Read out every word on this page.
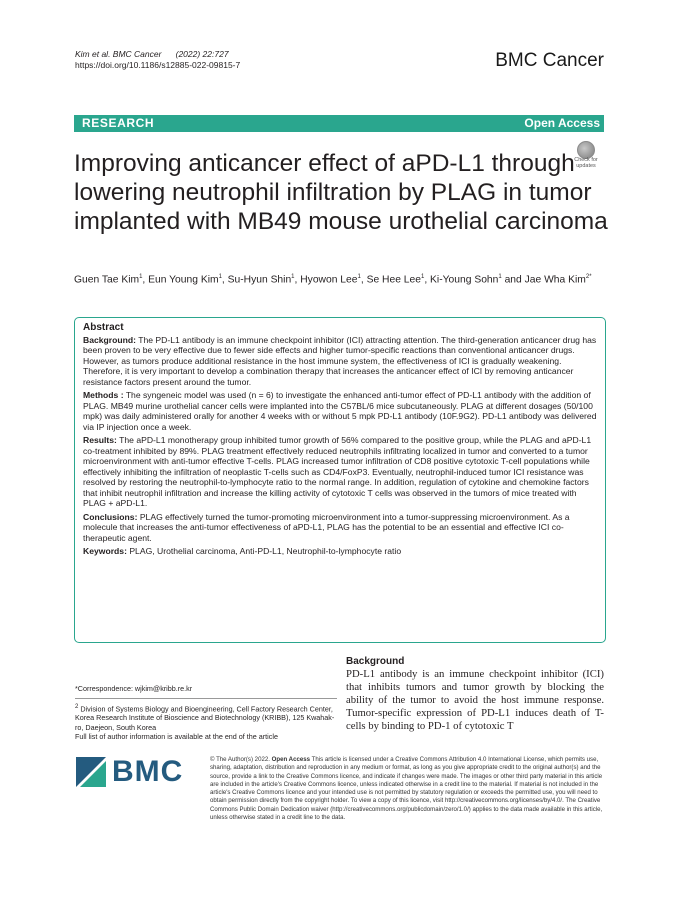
Kim et al. BMC Cancer (2022) 22:727
https://doi.org/10.1186/s12885-022-09815-7	BMC Cancer
RESEARCH	Open Access
Improving anticancer effect of aPD-L1 through lowering neutrophil infiltration by PLAG in tumor implanted with MB49 mouse urothelial carcinoma
Check for
updates
Guen Tae Kim$^1$, Eun Young Kim$^1$, Su-Hyun Shin$^1$, Hyowon Lee$^1$, Se Hee Lee$^1$, Ki-Young Sohn$^1$ and Jae Wha Kim$^{2*}$
Abstract

Background: The PD-L1 antibody is an immune checkpoint inhibitor (ICI) attracting attention. The third-generation anticancer drug has been proven to be very effective due to fewer side effects and higher tumor-specific reactions than conventional anticancer drugs. However, as tumors produce additional resistance in the host immune system, the effectiveness of ICI is gradually weakening. Therefore, it is very important to develop a combination therapy that increases the anticancer effect of ICI by removing anticancer resistance factors present around the tumor.

Methods : The syngeneic model was used (n = 6) to investigate the enhanced anti-tumor effect of PD-L1 antibody with the addition of PLAG. MB49 murine urothelial cancer cells were implanted into the C57BL/6 mice subcutaneously. PLAG at different dosages (50/100 mpk) was daily administered orally for another 4 weeks with or without 5 mpk PD-L1 antibody (10F.9G2). PD-L1 antibody was delivered via IP injection once a week.

Results: The aPD-L1 monotherapy group inhibited tumor growth of 56% compared to the positive group, while the PLAG and aPD-L1 co-treatment inhibited by 89%. PLAG treatment effectively reduced neutrophils infiltrating localized in tumor and converted to a tumor microenvironment with anti-tumor effective T-cells. PLAG increased tumor infiltration of CD8 positive cytotoxic T-cell populations while effectively inhibiting the infiltration of neoplastic T-cells such as CD4/FoxP3. Eventually, neutrophil-induced tumor ICI resistance was resolved by restoring the neutrophil-to-lymphocyte ratio to the normal range. In addition, regulation of cytokine and chemokine factors that inhibit neutrophil infiltration and increase the killing activity of cytotoxic T cells was observed in the tumors of mice treated with PLAG + aPD-L1.

Conclusions: PLAG effectively turned the tumor-promoting microenvironment into a tumor-suppressing microenvironment. As a molecule that increases the anti-tumor effectiveness of aPD-L1, PLAG has the potential to be an essential and effective ICI co-therapeutic agent.

Keywords: PLAG, Urothelial carcinoma, Anti-PD-L1, Neutrophil-to-lymphocyte ratio

*Correspondence: wjkim@kribb.re.kr
$^2$ Division of Systems Biology and Bioengineering, Cell Factory Research Center, Korea Research Institute of Bioscience and Biotechnology (KRIBB), 125 Kwahak-ro, Daejeon, South Korea
Full list of author information is available at the end of the article
Background

PD-L1 antibody is an immune checkpoint inhibitor (ICI) that inhibits tumors and tumor growth by blocking the ability of the tumor to avoid the host immune response. Tumor-specific expression of PD-L1 induces death of T-cells by binding to PD-1 of cytotoxic T

BMC	© The Author(s) 2022. Open Access This article is licensed under a Creative Commons Attribution 4.0 International License, which permits use, sharing, adaptation, distribution and reproduction in any medium or format, as long as you give appropriate credit to the original author(s) and the source, provide a link to the Creative Commons licence, and indicate if changes were made. The images or other third party material in this article are included in the article's Creative Commons licence, unless indicated otherwise in a credit line to the material. If material is not included in the article's Creative Commons licence and your intended use is not permitted by statutory regulation or exceeds the permitted use, you will need to obtain permission directly from the copyright holder. To view a copy of this licence, visit http://creativecommons.org/licenses/by/4.0/. The Creative Commons Public Domain Dedication waiver (http://creativecommons.org/publicdomain/zero/1.0/) applies to the data made available in this article, unless otherwise stated in a credit line to the data.
